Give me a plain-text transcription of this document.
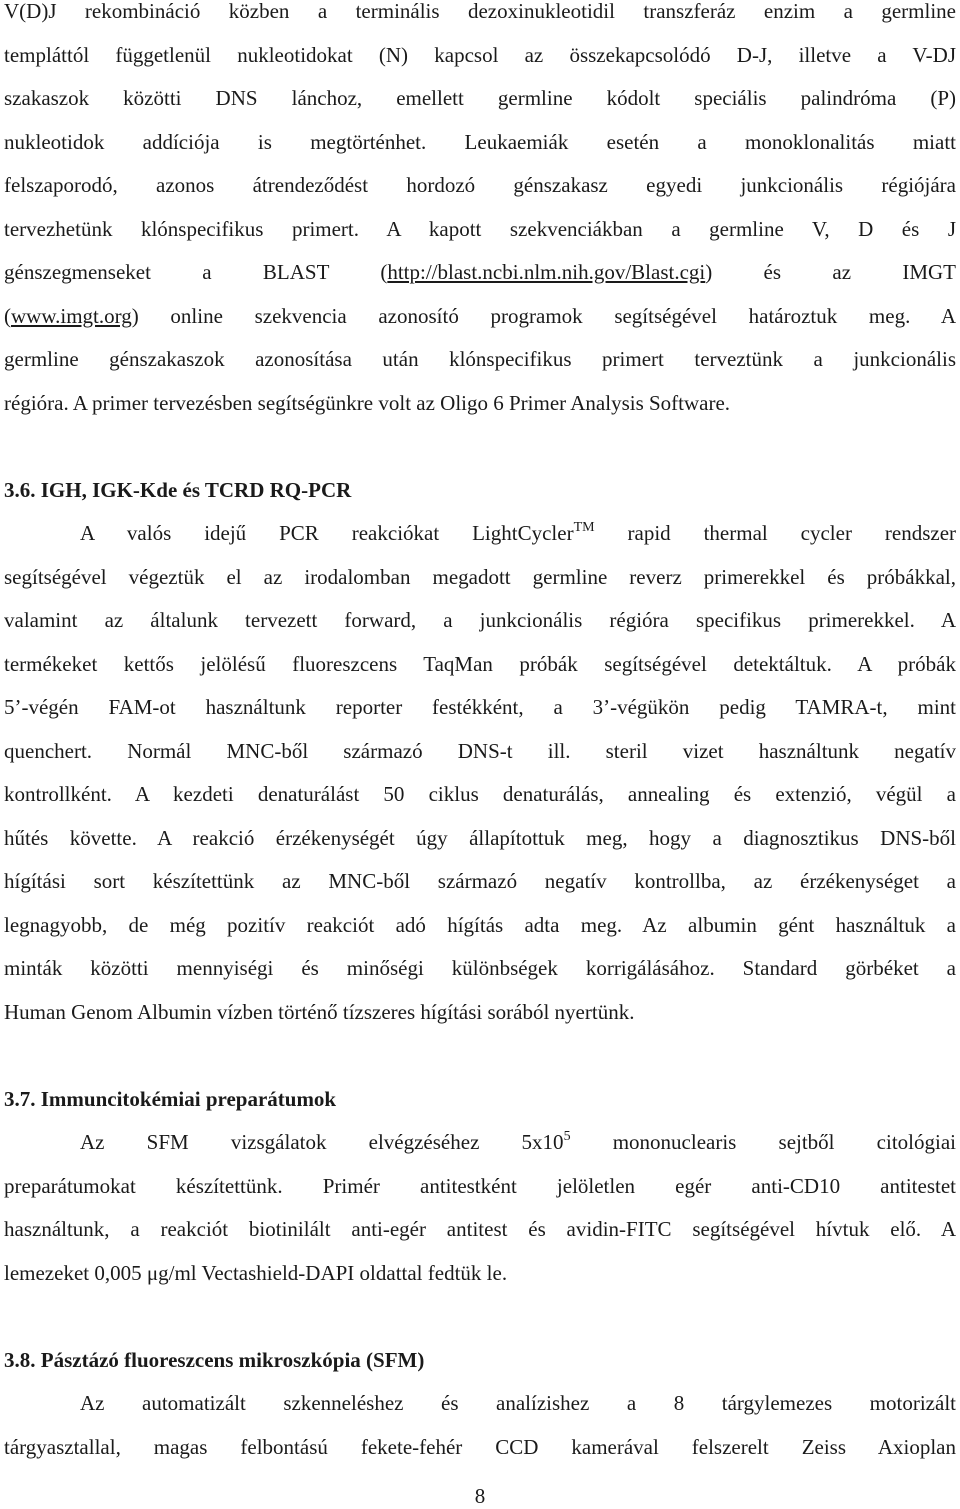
V(D)J rekombináció közben a terminális dezoxinukleotidil transzferáz enzim a germline

templáttól függetlenül nukleotidokat (N) kapcsol az összekapcsolódó D-J, illetve a V-DJ

szakaszok közötti DNS lánchoz, emellett germline kódolt speciális palindróma (P)

nukleotidok addíciója is megtörténhet. Leukaemiák esetén a monoklonalitás miatt

felszaporodó, azonos átrendeződést hordozó génszakasz egyedi junkcionális régiójára

tervezhetünk klónspecifikus primert. A kapott szekvenciákban a germline V, D és J

génszegmenseket a BLAST (http://blast.ncbi.nlm.nih.gov/Blast.cgi) és az IMGT

(www.imgt.org) online szekvencia azonosító programok segítségével határoztuk meg. A

germline génszakaszok azonosítása után klónspecifikus primert terveztünk a junkcionális

régióra. A primer tervezésben segítségünkre volt az Oligo 6 Primer Analysis Software.

3.6. IGH, IGK-Kde és TCRD RQ-PCR

A valós idejű PCR reakciókat LightCycler™ rapid thermal cycler rendszer

segítségével végeztük el az irodalomban megadott germline reverz primerekkel és próbákkal,

valamint az általunk tervezett forward, a junkcionális régióra specifikus primerekkel. A

termékeket kettős jelölésű fluoreszcens TaqMan próbák segítségével detektáltuk. A próbák

5’-végén FAM-ot használtunk reporter festékként, a 3’-végükön pedig TAMRA-t, mint

quenchert. Normál MNC-ből származó DNS-t ill. steril vizet használtunk negatív

kontrollként. A kezdeti denaturálást 50 ciklus denaturálás, annealing és extenzió, végül a

hűtés követte. A reakció érzékenységét úgy állapítottuk meg, hogy a diagnosztikus DNS-ből

hígítási sort készítettünk az MNC-ből származó negatív kontrollba, az érzékenységet a

legnagyobb, de még pozitív reakciót adó hígítás adta meg. Az albumin gént használtuk a

minták közötti mennyiségi és minőségi különbségek korrigálásához. Standard görbéket a

Human Genom Albumin vízben történő tízszeres hígítási sorából nyertünk.

3.7. Immuncitokémiai preparátumok

Az SFM vizsgálatok elvégzéséhez $5x10^5$ mononuclearis sejtből citológiai

preparátumokat készítettünk. Primér antitestként jelöletlen egér anti-CD10 antitestet

használtunk, a reakciót biotinilált anti-egér antitest és avidin-FITC segítségével hívtuk elő. A

lemezeket 0,005 μg/ml Vectashield-DAPI oldattal fedtük le.

3.8. Pásztázó fluoreszcens mikroszkópia (SFM)

Az automatizált szkenneléshez és analízishez a 8 tárgylemezes motorizált

tárgyasztallal, magas felbontású fekete-fehér CCD kamerával felszerelt Zeiss Axioplan

8
